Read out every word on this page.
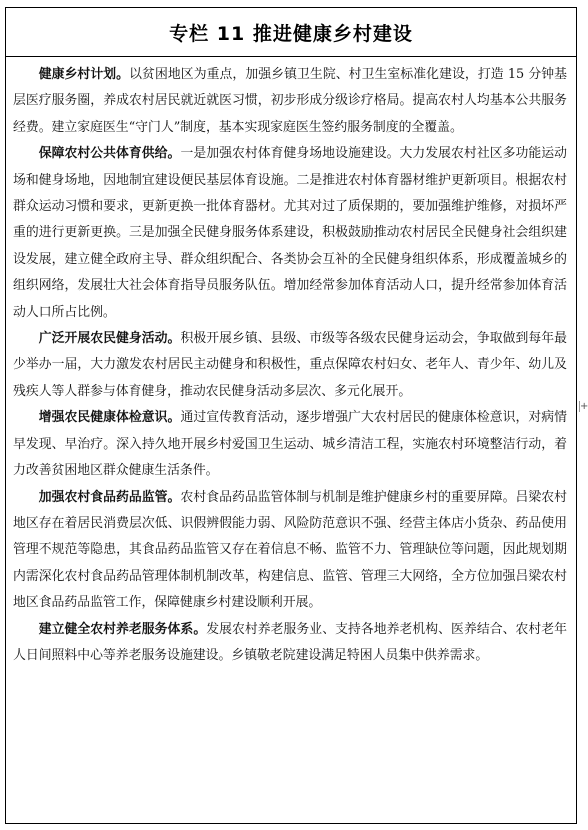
专栏 11 推进健康乡村建设

健康乡村计划。以贫困地区为重点，加强乡镇卫生院、村卫生室标准化建设，打造 15 分钟基层医疗服务圈，养成农村居民就近就医习惯，初步形成分级诊疗格局。提高农村人均基本公共服务经费。建立家庭医生“守门人”制度，基本实现家庭医生签约服务制度的全覆盖。

保障农村公共体育供给。一是加强农村体育健身场地设施建设。大力发展农村社区多功能运动场和健身场地，因地制宜建设便民基层体育设施。二是推进农村体育器材维护更新项目。根据农村群众运动习惯和要求，更新更换一批体育器材。尤其对过了质保期的，要加强维护维修，对损坏严重的进行更新更换。三是加强全民健身服务体系建设，积极鼓励推动农村居民全民健身社会组织建设发展，建立健全政府主导、群众组织配合、各类协会互补的全民健身组织体系，形成覆盖城乡的组织网络，发展壮大社会体育指导员服务队伍。增加经常参加体育活动人口，提升经常参加体育活动人口所占比例。

广泛开展农民健身活动。积极开展乡镇、县级、市级等各级农民健身运动会，争取做到每年最少举办一届，大力激发农村居民主动健身和积极性，重点保障农村妇女、老年人、青少年、幼儿及残疾人等人群参与体育健身，推动农民健身活动多层次、多元化展开。

增强农民健康体检意识。通过宣传教育活动，逐步增强广大农村居民的健康体检意识，对病情早发现、早治疗。深入持久地开展乡村爱国卫生运动、城乡清洁工程，实施农村环境整洁行动，着力改善贫困地区群众健康生活条件。

加强农村食品药品监管。农村食品药品监管体制与机制是维护健康乡村的重要屏障。吕梁农村地区存在着居民消费层次低、识假辨假能力弱、风险防范意识不强、经营主体店小货杂、药品使用管理不规范等隐患，其食品药品监管又存在着信息不畅、监管不力、管理缺位等问题，因此规划期内需深化农村食品药品管理体制机制改革，构建信息、监管、管理三大网络，全方位加强吕梁农村地区食品药品监管工作，保障健康乡村建设顺利开展。

建立健全农村养老服务体系。发展农村养老服务业、支持各地养老机构、医养结合、农村老年人日间照料中心等养老服务设施建设。乡镇敬老院建设满足特困人员集中供养需求。

+
